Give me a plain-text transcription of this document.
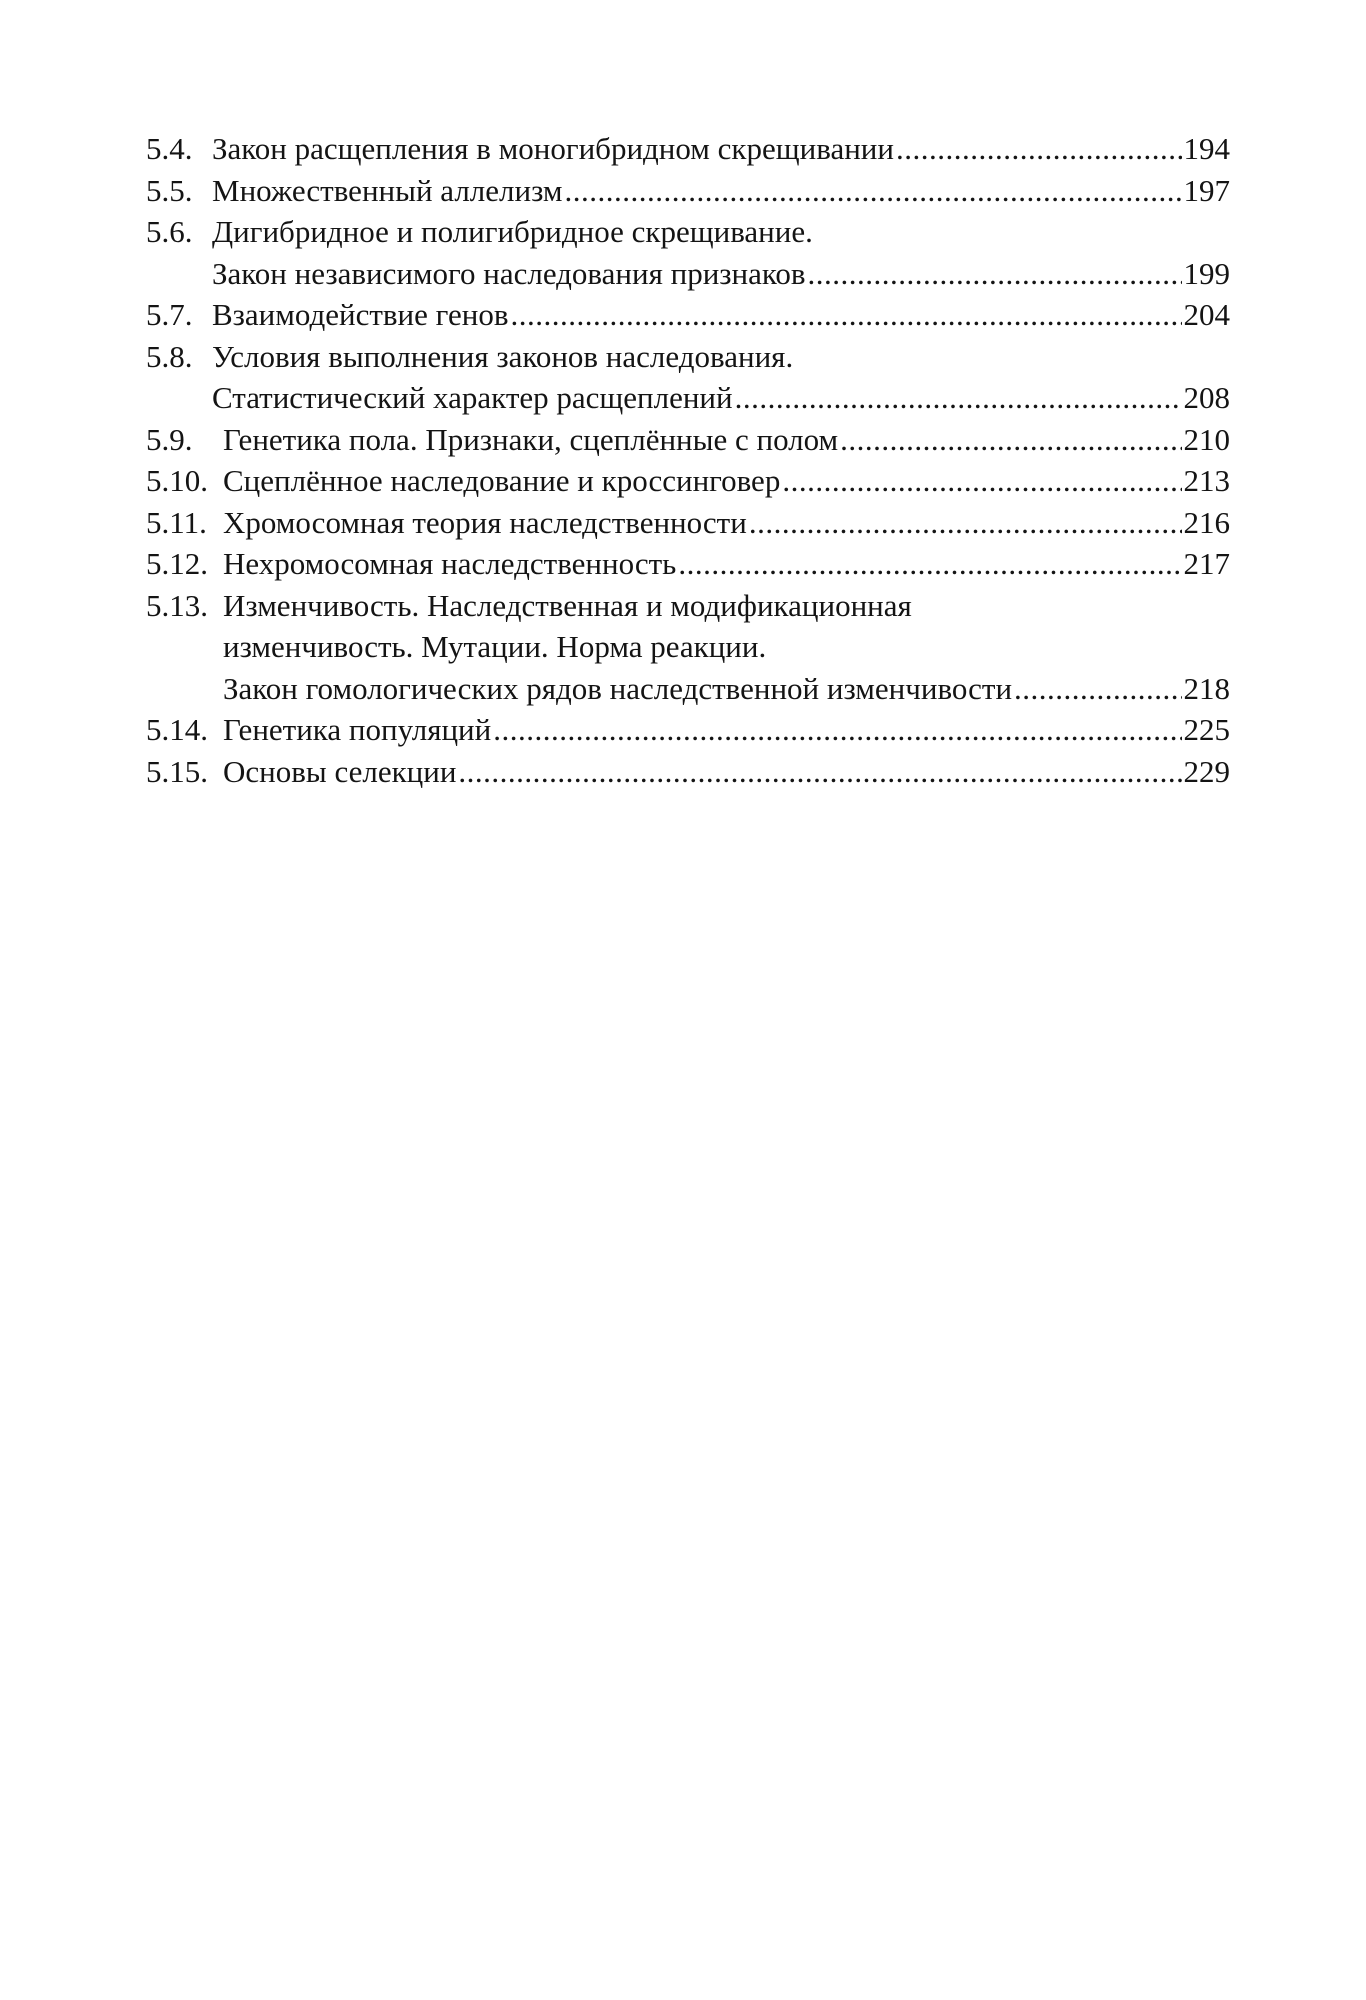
5.4. Закон расщепления в моногибридном скрещивании .....	194
5.5. Множественный аллелизм .....	197
5.6. Дигибридное и полигибридное скрещивание.
Закон независимого наследования признаков .....	199
5.7. Взаимодействие генов .....	204
5.8. Условия выполнения законов наследования.
Статистический характер расщеплений .....	208
5.9. Генетика пола. Признаки, сцеплённые с полом .....	210
5.10. Сцеплённое наследование и кроссинговер .....	213
5.11. Хромосомная теория наследственности .....	216
5.12. Нехромосомная наследственность .....	217
5.13. Изменчивость. Наследственная и модификационная
изменчивость. Мутации. Норма реакции.
Закон гомологических рядов наследственной изменчивости .....	218
5.14. Генетика популяций .....	225
5.15. Основы селекции .....	229
